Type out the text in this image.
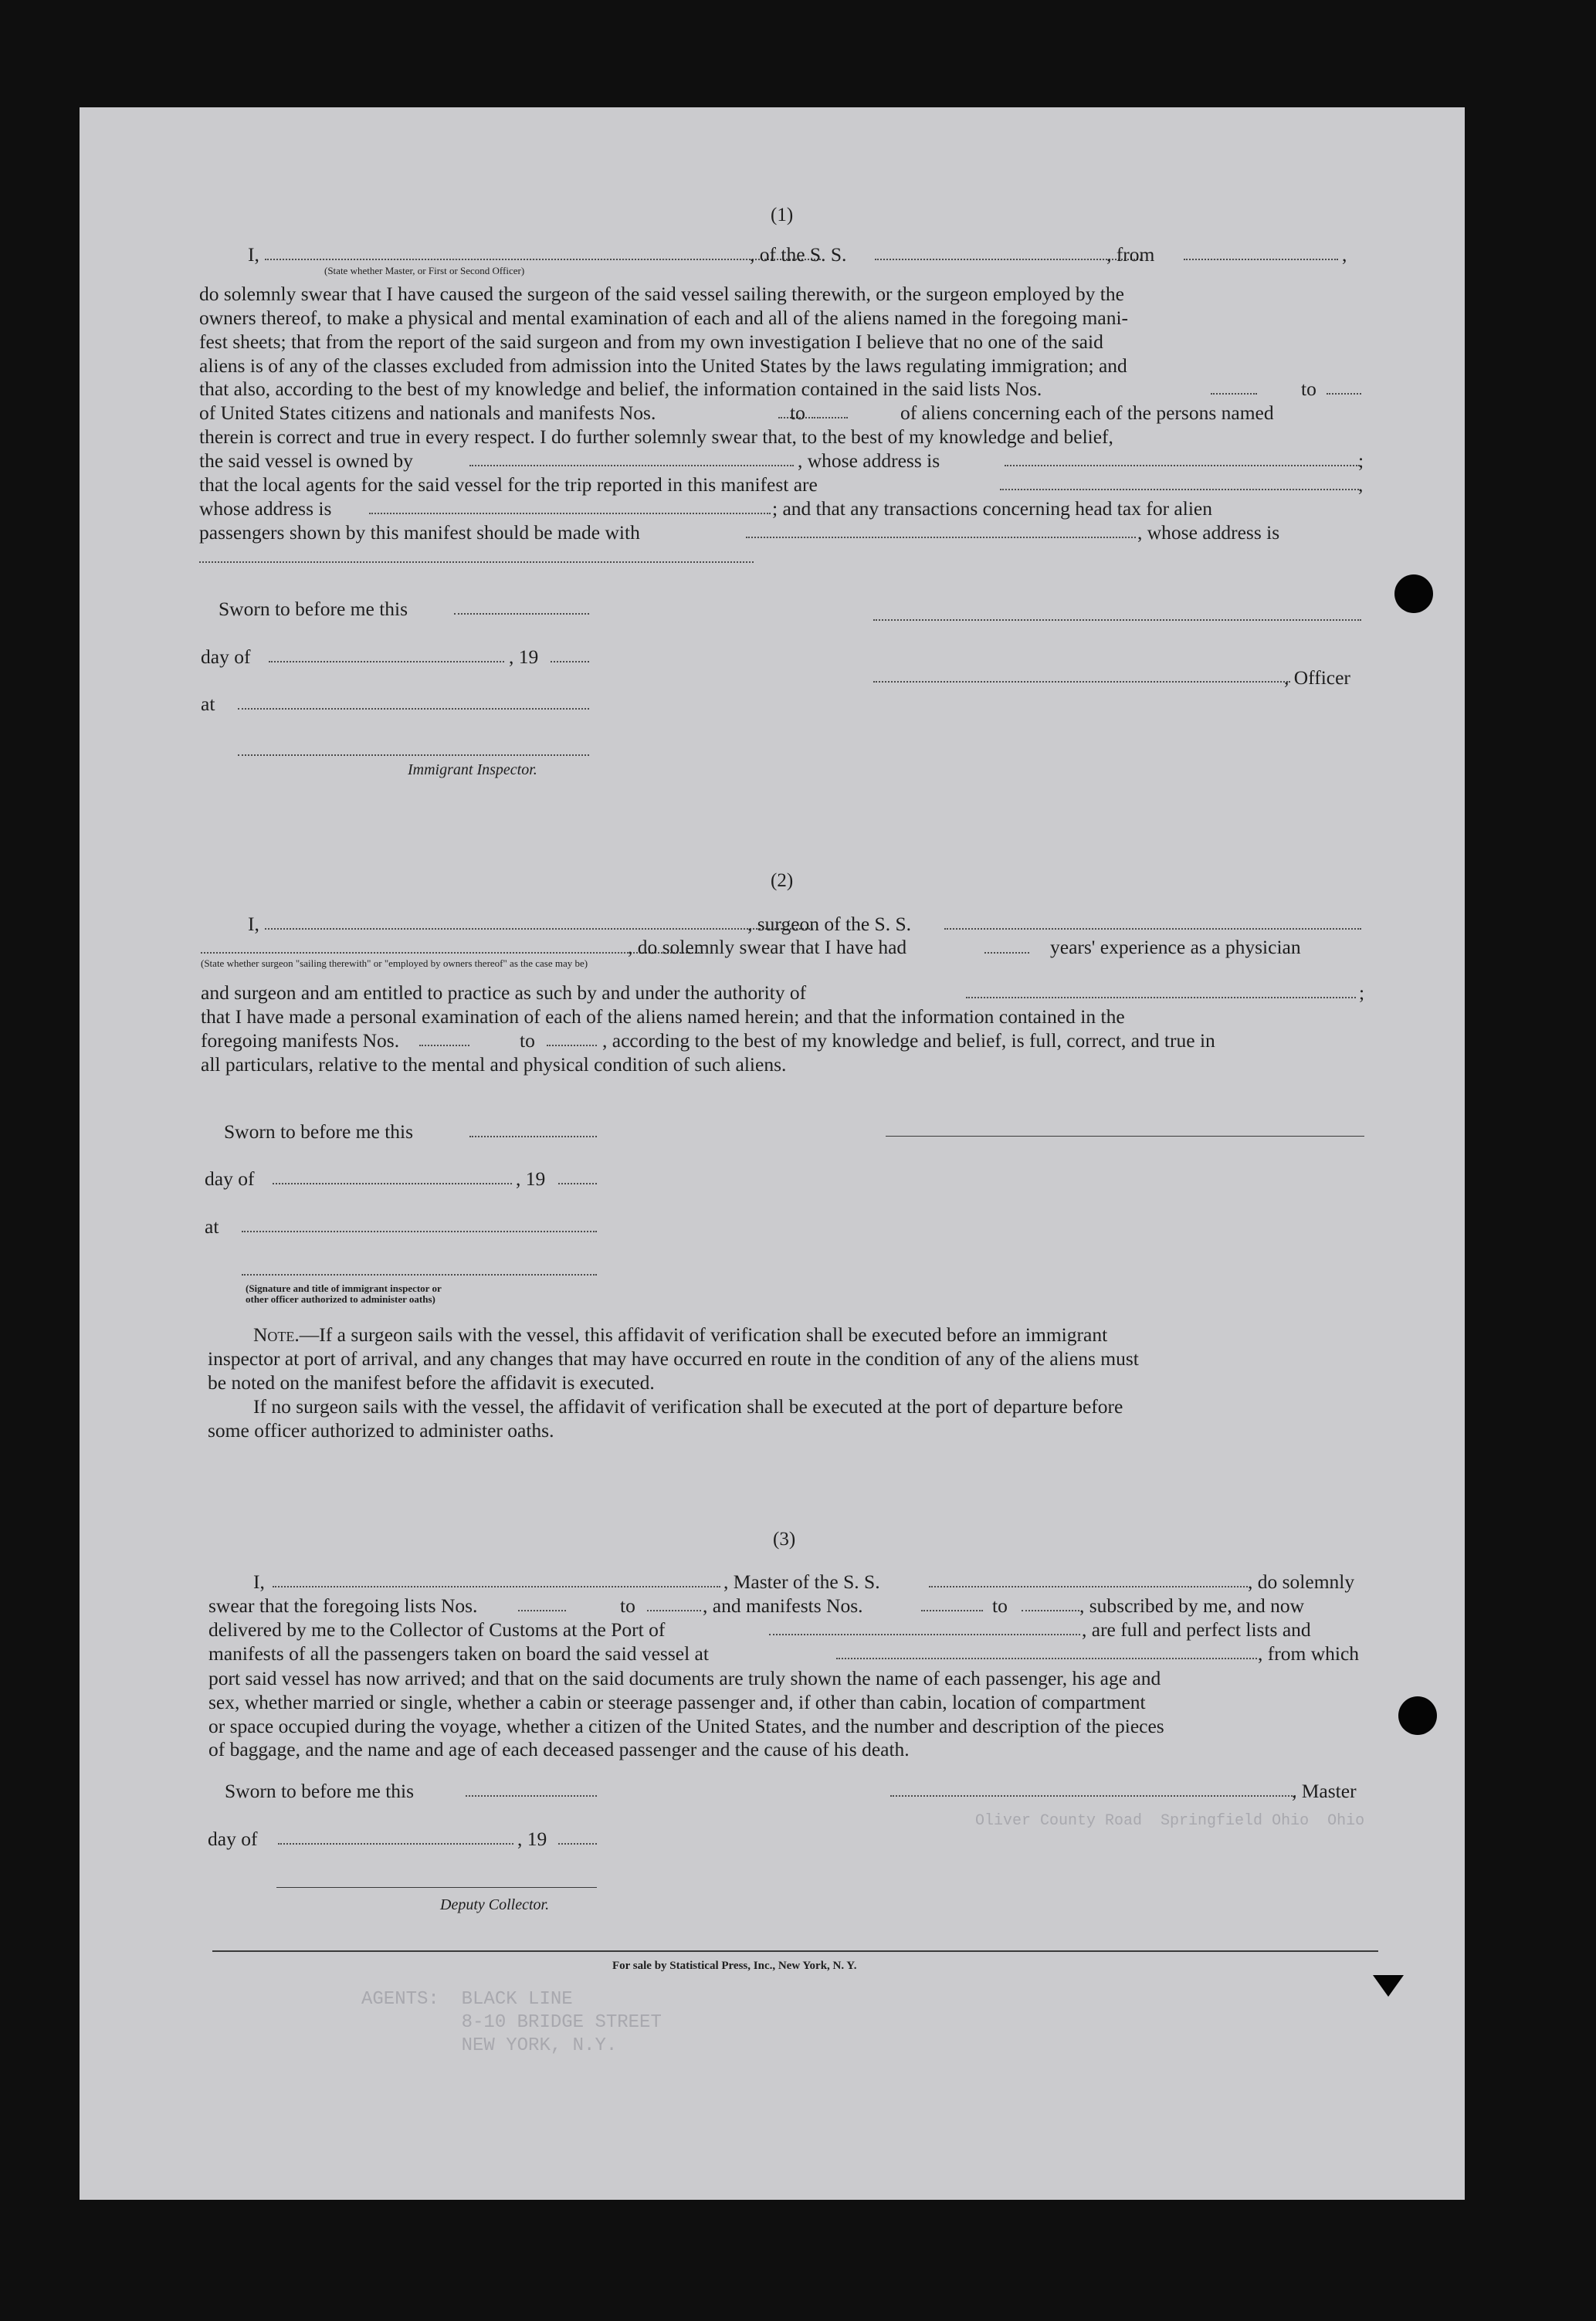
(1)
I,	, of the S. S.	, from	,
(State whether Master, or First or Second Officer)
do solemnly swear that I have caused the surgeon of the said vessel sailing therewith, or the surgeon employed by the
owners thereof, to make a physical and mental examination of each and all of the aliens named in the foregoing mani-
fest sheets; that from the report of the said surgeon and from my own investigation I believe that no one of the said
aliens is of any of the classes excluded from admission into the United States by the laws regulating immigration; and
that also, according to the best of my knowledge and belief, the information contained in the said lists Nos.	to
of United States citizens and nationals and manifests Nos.	to	of aliens concerning each of the persons named
therein is correct and true in every respect. I do further solemnly swear that, to the best of my knowledge and belief,
the said vessel is owned by	, whose address is	;
that the local agents for the said vessel for the trip reported in this manifest are	,
whose address is	; and that any transactions concerning head tax for alien
passengers shown by this manifest should be made with	, whose address is
Sworn to before me this
day of	, 19
, Officer
at
Immigrant Inspector.
(2)
I,	, surgeon of the S. S.
, do solemnly swear that I have had	years' experience as a physician
(State whether surgeon "sailing therewith" or "employed by owners thereof" as the case may be)
and surgeon and am entitled to practice as such by and under the authority of	;
that I have made a personal examination of each of the aliens named herein; and that the information contained in the
foregoing manifests Nos.	to	, according to the best of my knowledge and belief, is full, correct, and true in
all particulars, relative to the mental and physical condition of such aliens.
Sworn to before me this
day of	, 19
at
(Signature and title of immigrant inspector or
other officer authorized to administer oaths)
Note.—If a surgeon sails with the vessel, this affidavit of verification shall be executed before an immigrant
inspector at port of arrival, and any changes that may have occurred en route in the condition of any of the aliens must
be noted on the manifest before the affidavit is executed.
If no surgeon sails with the vessel, the affidavit of verification shall be executed at the port of departure before
some officer authorized to administer oaths.
(3)
I,	, Master of the S. S.	, do solemnly
swear that the foregoing lists Nos.	to	, and manifests Nos.	to	, subscribed by me, and now
delivered by me to the Collector of Customs at the Port of	, are full and perfect lists and
manifests of all the passengers taken on board the said vessel at	, from which
port said vessel has now arrived; and that on the said documents are truly shown the name of each passenger, his age and
sex, whether married or single, whether a cabin or steerage passenger and, if other than cabin, location of compartment
or space occupied during the voyage, whether a citizen of the United States, and the number and description of the pieces
of baggage, and the name and age of each deceased passenger and the cause of his death.
Sworn to before me this	, Master
day of	, 19
Deputy Collector.
For sale by Statistical Press, Inc., New York, N. Y.
Oliver County Road  Springfield Ohio  Ohio
AGENTS:  BLACK LINE
8-10 BRIDGE STREET
NEW YORK, N.Y.
